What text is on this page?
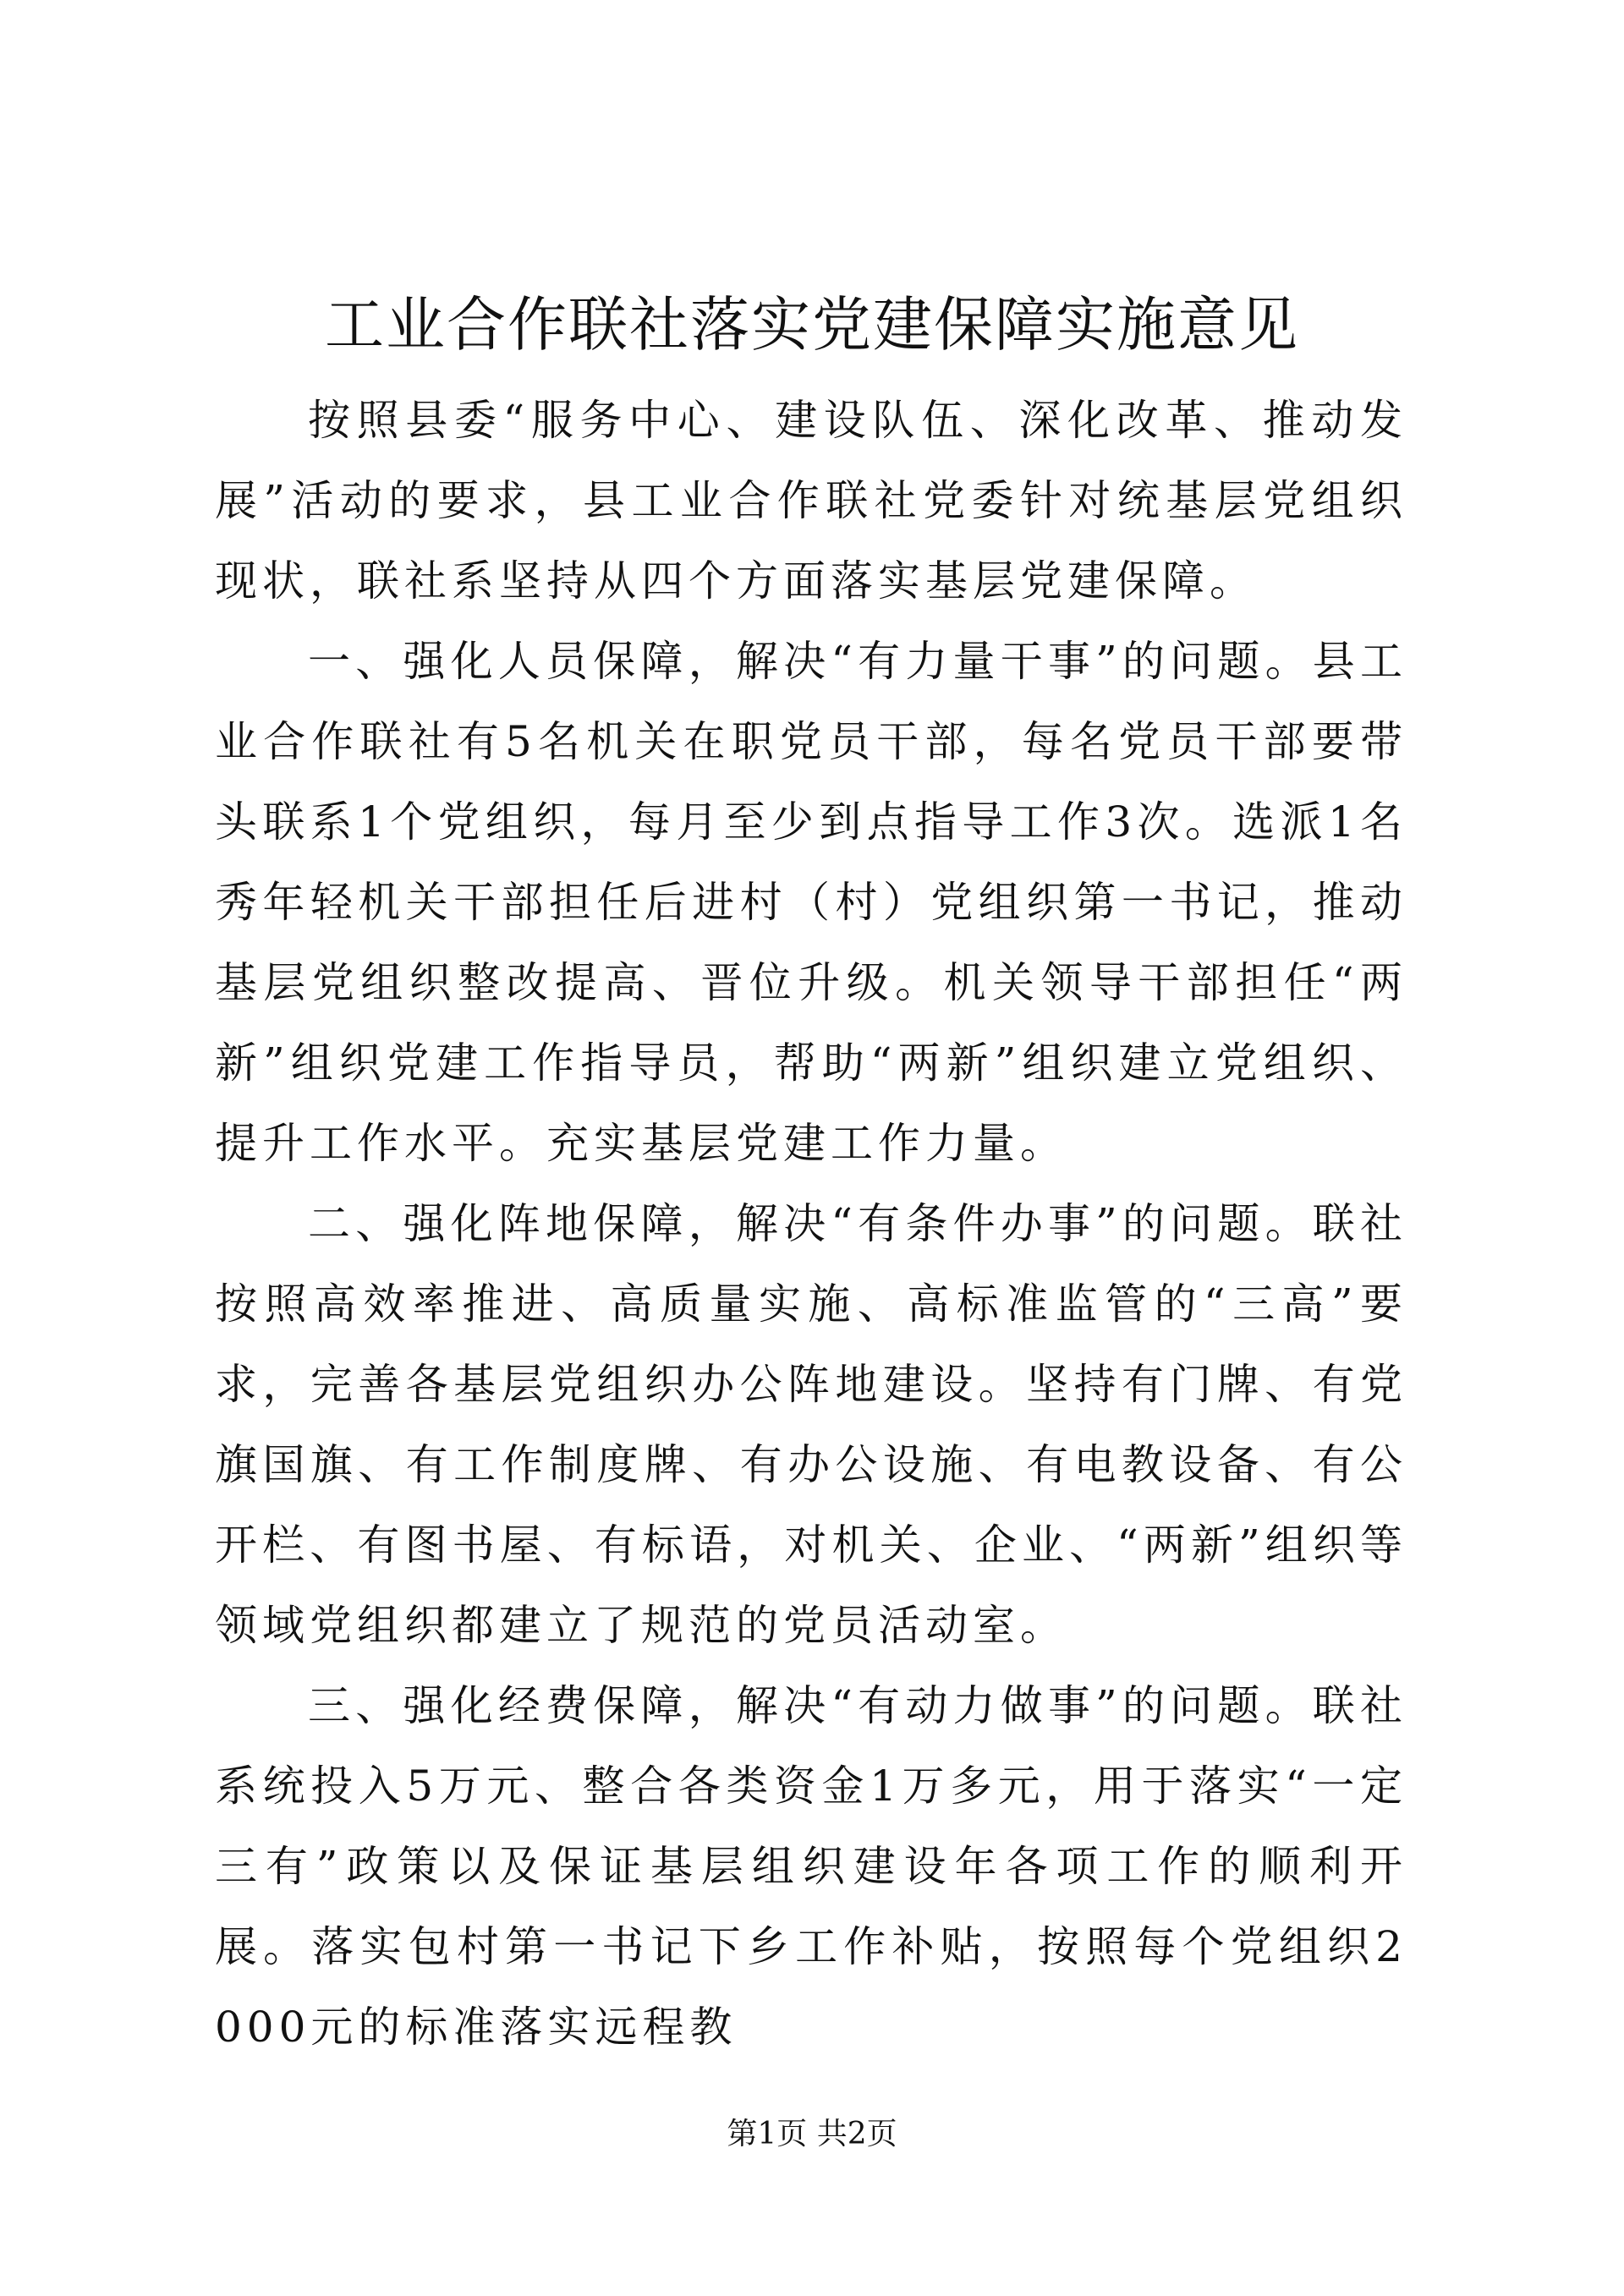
工业合作联社落实党建保障实施意见

按照县委“服务中心、建设队伍、深化改革、推动发展”活动的要求，县工业合作联社党委针对统基层党组织现状，联社系坚持从四个方面落实基层党建保障。

一、强化人员保障，解决“有力量干事”的问题。县工业合作联社有5名机关在职党员干部，每名党员干部要带头联系1个党组织，每月至少到点指导工作3次。选派1名秀年轻机关干部担任后进村（村）党组织第一书记，推动基层党组织整改提高、晋位升级。机关领导干部担任“两新”组织党建工作指导员，帮助“两新”组织建立党组织、提升工作水平。充实基层党建工作力量。

二、强化阵地保障，解决“有条件办事”的问题。联社按照高效率推进、高质量实施、高标准监管的“三高”要求，完善各基层党组织办公阵地建设。坚持有门牌、有党旗国旗、有工作制度牌、有办公设施、有电教设备、有公开栏、有图书屋、有标语，对机关、企业、“两新”组织等领域党组织都建立了规范的党员活动室。

三、强化经费保障，解决“有动力做事”的问题。联社系统投入5万元、整合各类资金1万多元，用于落实“一定三有”政策以及保证基层组织建设年各项工作的顺利开展。落实包村第一书记下乡工作补贴，按照每个党组织2000元的标准落实远程教

第1页 共2页
